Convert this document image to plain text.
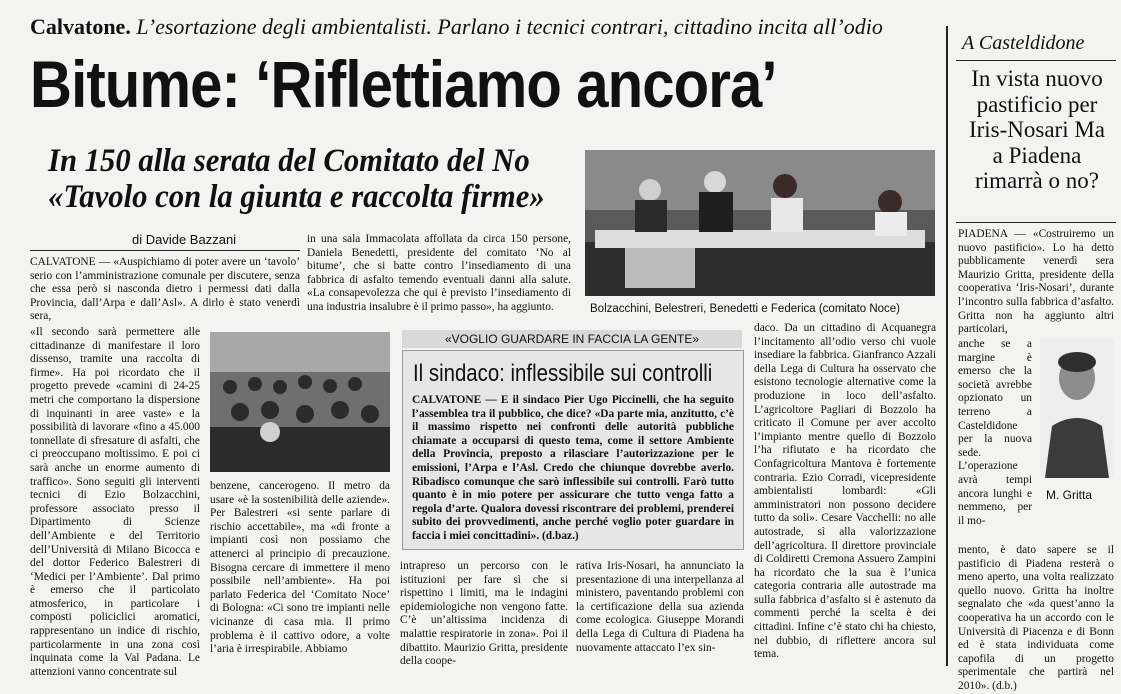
Calvatone. L’esortazione degli ambientalisti. Parlano i tecnici contrari, cittadino incita all’odio
Bitume: ‘Riflettiamo ancora’
In 150 alla serata del Comitato del No
«Tavolo con la giunta e raccolta firme»
di Davide Bazzani
Bolzacchini, Belestreri, Benedetti e Federica (comitato Noce)
CALVATONE — «Auspichiamo di poter avere un ‘tavolo’ serio con l’amministrazione comunale per discutere, senza che essa però si nasconda dietro i permessi dati dalla Provincia, dall’Arpa e dall’Asl». A dirlo è stato venerdì sera,
in una sala Immacolata affollata da circa 150 persone, Daniela Benedetti, presidente del comitato ‘No al bitume’, che si batte contro l’insediamento di una fabbrica di asfalto temendo eventuali danni alla salute. «La consapevolezza che qui è previsto l’insediamento di una industria insalubre è il primo passo», ha aggiunto.
«Il secondo sarà permettere alle cittadinanze di manifestare il loro dissenso, tramite una raccolta di firme». Ha poi ricordato che il progetto prevede «camini di 24-25 metri che comportano la dispersione di inquinanti in aree vaste» e la possibilità di lavorare «fino a 45.000 tonnellate di sfresature di asfalti, che ci preoccupano moltissimo. E poi ci sarà anche un enorme aumento di traffico». Sono seguiti gli interventi tecnici di Ezio Bolzacchini, professore associato presso il Dipartimento di Scienze dell’Ambiente e del Territorio dell’Università di Milano Bicocca e del dottor Federico Balestreri di ‘Medici per l’Ambiente’. Dal primo è emerso che il particolato atmosferico, in particolare i composti policiclici aromatici, rappresentano un indice di rischio, particolarmente in una zona così inquinata come la Val Padana. Le attenzioni vanno concentrate sul
benzene, cancerogeno. Il metro da usare «è la sostenibilità delle aziende». Per Balestreri «si sente parlare di rischio accettabile», ma «di fronte a impianti così non possiamo che attenerci al principio di precauzione. Bisogna cercare di immettere il meno possibile nell’ambiente». Ha poi parlato Federica del ‘Comitato Noce’ di Bologna: «Ci sono tre impianti nelle vicinanze di casa mia. Il primo problema è il cattivo odore, a volte l’aria è irrespirabile. Abbiamo
«VOGLIO GUARDARE IN FACCIA LA GENTE»
Il sindaco: inflessibile sui controlli
CALVATONE — E il sindaco Pier Ugo Piccinelli, che ha seguito l’assemblea tra il pubblico, che dice? «Da parte mia, anzitutto, c’è il massimo rispetto nei confronti delle autorità pubbliche chiamate a occuparsi di questo tema, come il settore Ambiente della Provincia, preposto a rilasciare l’autorizzazione per le emissioni, l’Arpa e l’Asl. Credo che chiunque dovrebbe averlo. Ribadisco comunque che sarò inflessibile sui controlli. Farò tutto quanto è in mio potere per assicurare che tutto venga fatto a regola d’arte. Qualora dovessi riscontrare dei problemi, prenderei subito dei provvedimenti, anche perché voglio poter guardare in faccia i miei concittadini». (d.baz.)
intrapreso un percorso con le istituzioni per fare sì che si rispettino i limiti, ma le indagini epidemiologiche non vengono fatte. C’è un’altissima incidenza di malattie respiratorie in zona». Poi il dibattito. Maurizio Gritta, presidente della coope-
rativa Iris-Nosari, ha annunciato la presentazione di una interpellanza al ministero, paventando problemi con la certificazione della sua azienda come ecologica. Giuseppe Morandi della Lega di Cultura di Piadena ha nuovamente attaccato l’ex sin-
daco. Da un cittadino di Acquanegra l’incitamento all’odio verso chi vuole insediare la fabbrica. Gianfranco Azzali della Lega di Cultura ha osservato che esistono tecnologie alternative come la produzione in loco dell’asfalto. L’agricoltore Pagliari di Bozzolo ha criticato il Comune per aver accolto l’impianto mentre quello di Bozzolo l’ha rifiutato e ha ricordato che Confagricoltura Mantova è fortemente contraria. Ezio Corradi, vicepresidente ambientalisti lombardi: «Gli amministratori non possono decidere tutto da soli». Cesare Vacchelli: no alle autostrade, sì alla valorizzazione dell’agricoltura. Il direttore provinciale di Coldiretti Cremona Assuero Zampini ha ricordato che la sua è l’unica categoria contraria alle autostrade ma sulla fabbrica d’asfalto si è astenuto da commenti perché la scelta è dei cittadini. Infine c’è stato chi ha chiesto, nel dubbio, di riflettere ancora sul tema.
A Casteldidone
In vista nuovo pastificio per Iris-Nosari Ma a Piadena rimarrà o no?
PIADENA — «Costruiremo un nuovo pastificio». Lo ha detto pubblicamente venerdì sera Maurizio Gritta, presidente della cooperativa ‘Iris-Nosari’, durante l’incontro sulla fabbrica d’asfalto. Gritta non ha aggiunto altri particolari,
anche se a margine è emerso che la società avrebbe opzionato un terreno a Casteldidone per la nuova sede. L’operazione avrà tempi ancora lunghi e nemmeno, per il mo-
M. Gritta
mento, è dato sapere se il pastificio di Piadena resterà o meno aperto, una volta realizzato quello nuovo. Gritta ha inoltre segnalato che «da quest’anno la cooperativa ha un accordo con le Università di Piacenza e di Bonn ed è stata individuata come capofila di un progetto sperimentale che partirà nel 2010». (d.b.)
